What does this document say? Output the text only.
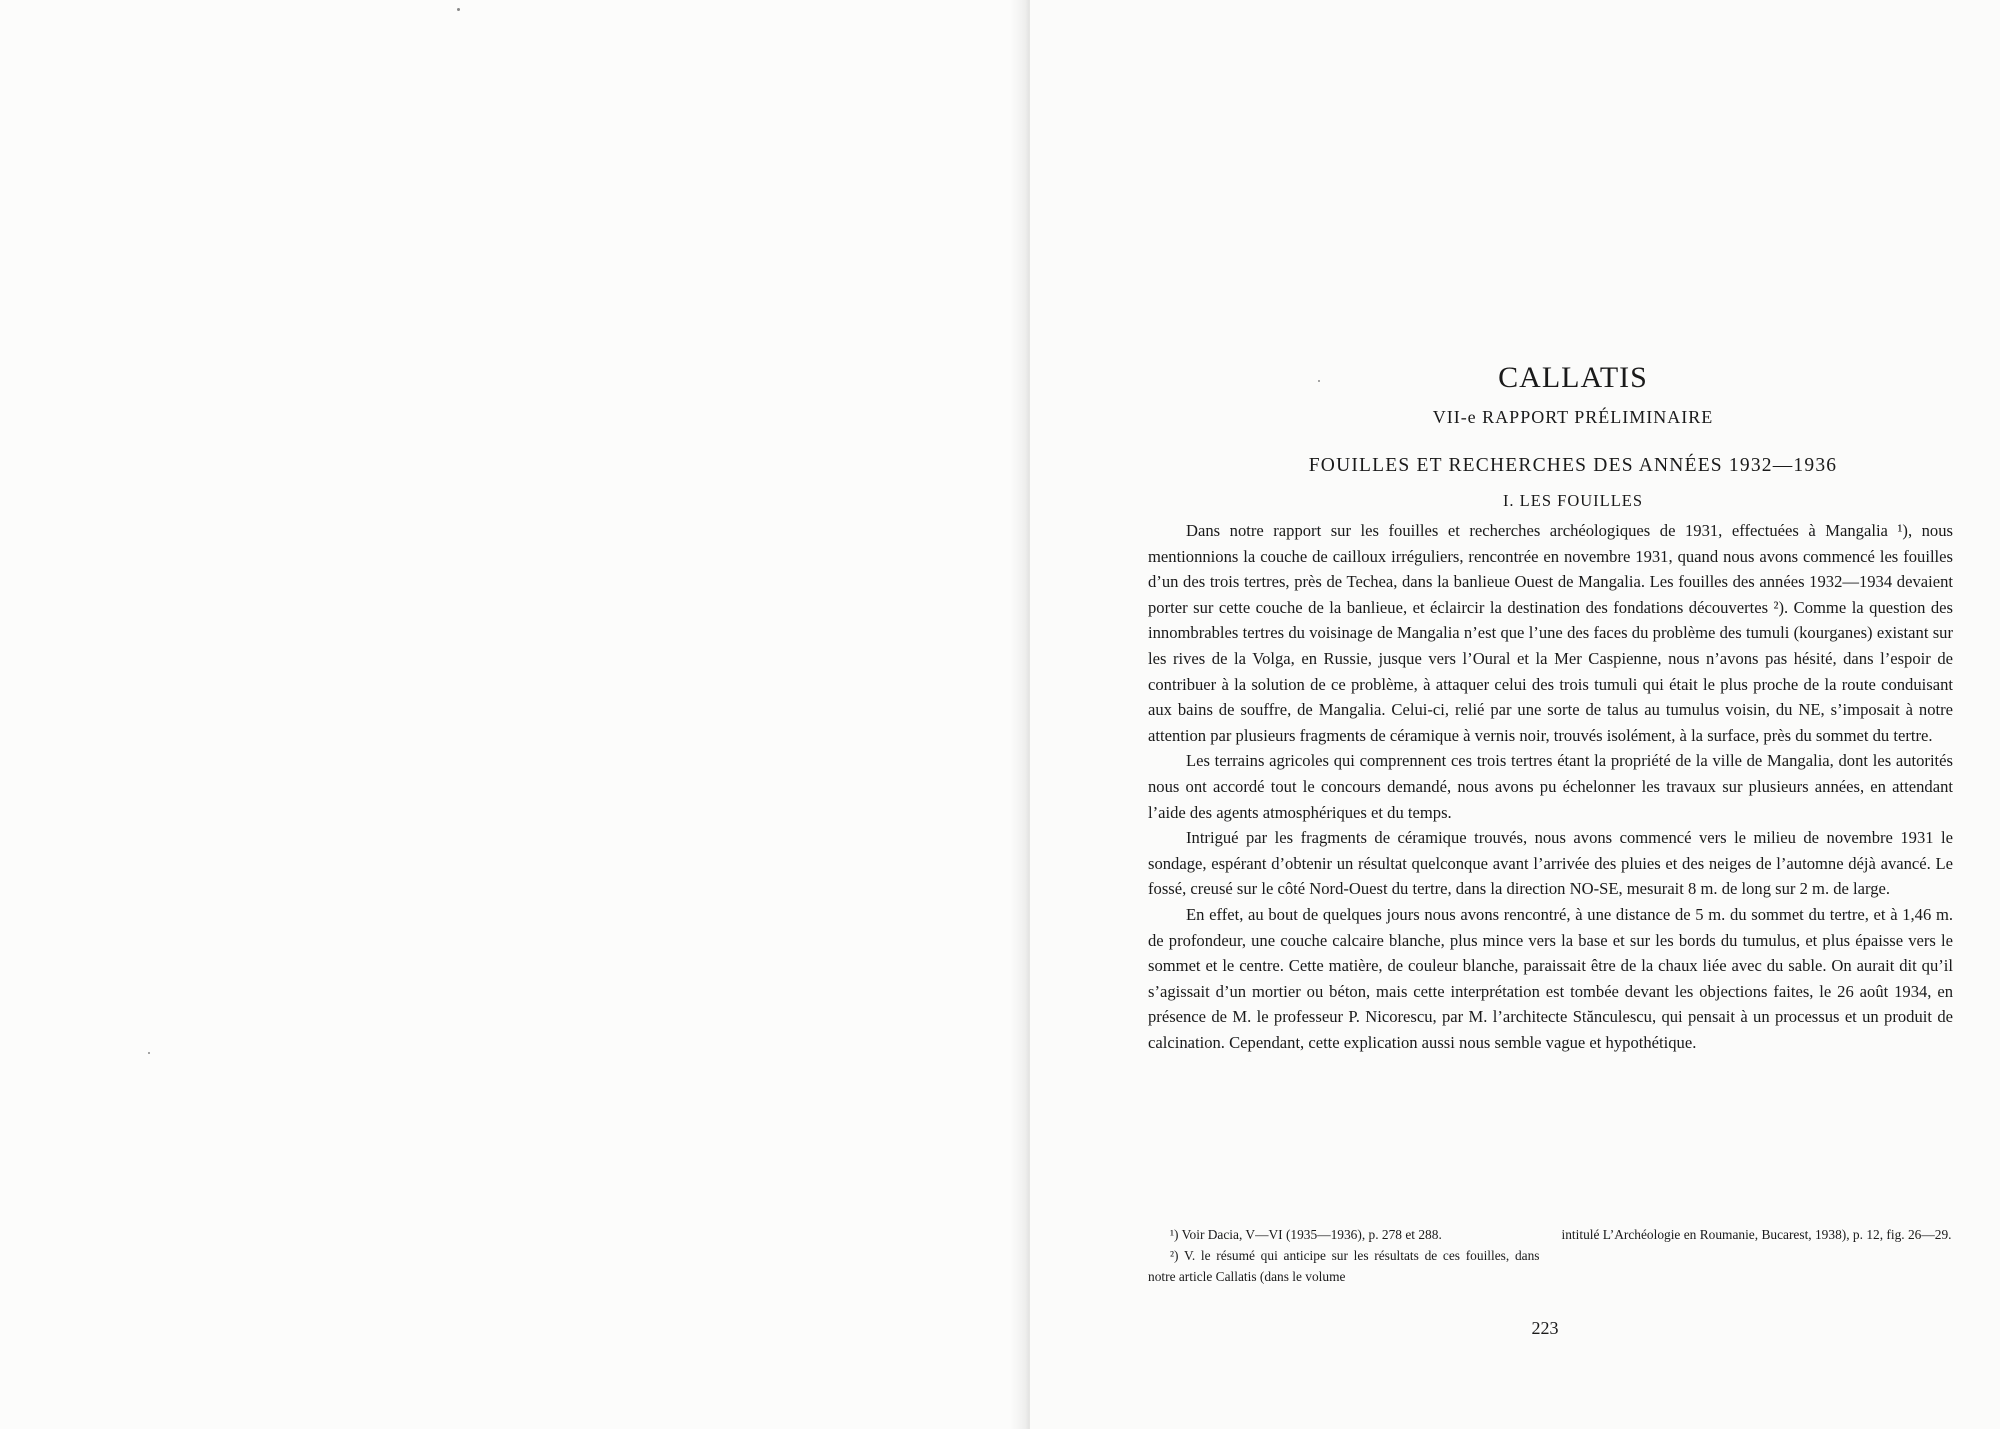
CALLATIS
VII-e RAPPORT PRÉLIMINAIRE
FOUILLES ET RECHERCHES DES ANNÉES 1932—1936
I. LES FOUILLES

Dans notre rapport sur les fouilles et recherches archéologiques de 1931, effectuées à Mangalia ¹), nous mentionnions la couche de cailloux irréguliers, rencontrée en novembre 1931, quand nous avons commencé les fouilles d’un des trois tertres, près de Techea, dans la banlieue Ouest de Mangalia. Les fouilles des années 1932—1934 devaient porter sur cette couche de la banlieue, et éclaircir la destination des fondations découvertes ²). Comme la question des innombrables tertres du voisinage de Mangalia n’est que l’une des faces du problème des tumuli (kourganes) existant sur les rives de la Volga, en Russie, jusque vers l’Oural et la Mer Caspienne, nous n’avons pas hésité, dans l’espoir de contribuer à la solution de ce problème, à attaquer celui des trois tumuli qui était le plus proche de la route conduisant aux bains de souffre, de Mangalia. Celui-ci, relié par une sorte de talus au tumulus voisin, du NE, s’imposait à notre attention par plusieurs fragments de céramique à vernis noir, trouvés isolément, à la surface, près du sommet du tertre.

Les terrains agricoles qui comprennent ces trois tertres étant la propriété de la ville de Mangalia, dont les autorités nous ont accordé tout le concours demandé, nous avons pu échelonner les travaux sur plusieurs années, en attendant l’aide des agents atmosphériques et du temps.

Intrigué par les fragments de céramique trouvés, nous avons commencé vers le milieu de novembre 1931 le sondage, espérant d’obtenir un résultat quelconque avant l’arrivée des pluies et des neiges de l’automne déjà avancé. Le fossé, creusé sur le côté Nord-Ouest du tertre, dans la direction NO-SE, mesurait 8 m. de long sur 2 m. de large.

En effet, au bout de quelques jours nous avons rencontré, à une distance de 5 m. du sommet du tertre, et à 1,46 m. de profondeur, une couche calcaire blanche, plus mince vers la base et sur les bords du tumulus, et plus épaisse vers le sommet et le centre. Cette matière, de couleur blanche, paraissait être de la chaux liée avec du sable. On aurait dit qu’il s’agissait d’un mortier ou béton, mais cette interprétation est tombée devant les objections faites, le 26 août 1934, en présence de M. le professeur P. Nicorescu, par M. l’architecte Stănculescu, qui pensait à un processus et un produit de calcination. Cependant, cette explication aussi nous semble vague et hypothétique.

¹) Voir Dacia, V—VI (1935—1936), p. 278 et 288.

²) V. le résumé qui anticipe sur les résultats de ces fouilles, dans notre article Callatis (dans le volume

intitulé L’Archéologie en Roumanie, Bucarest, 1938), p. 12, fig. 26—29.

223
